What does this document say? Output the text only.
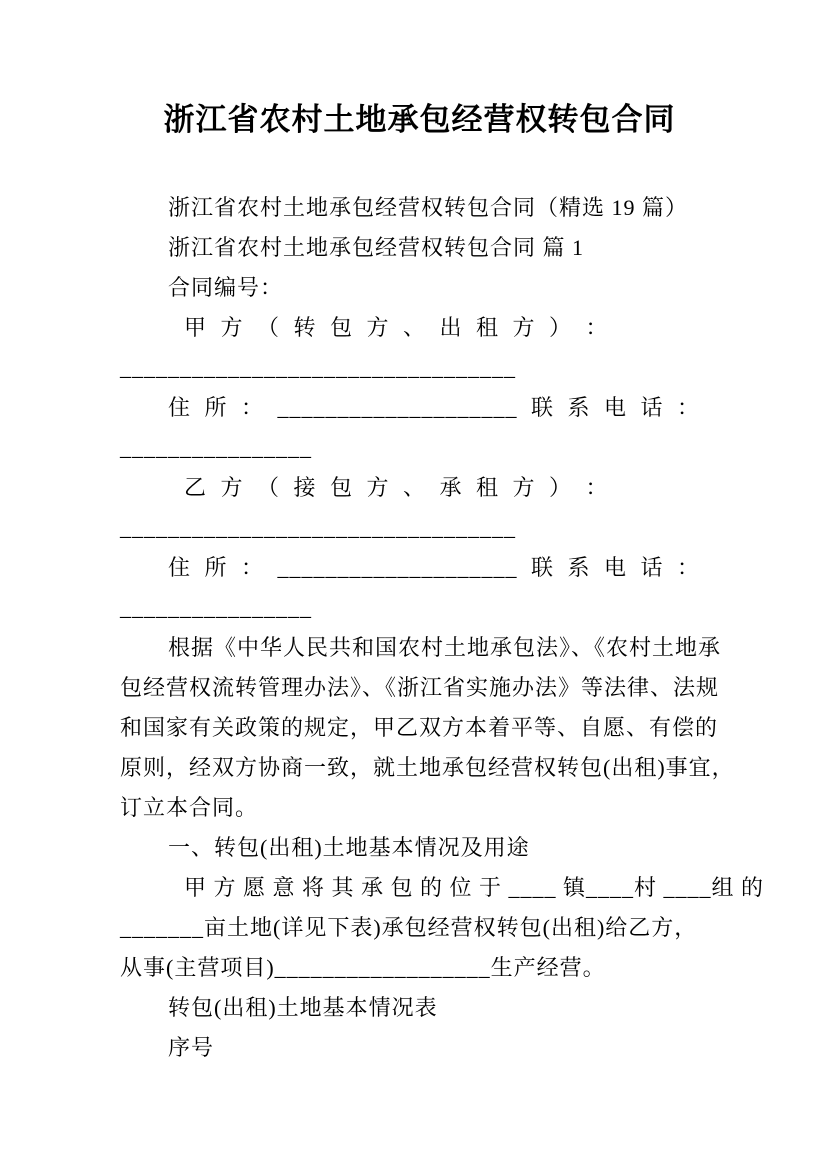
浙江省农村土地承包经营权转包合同
浙江省农村土地承包经营权转包合同（精选 19 篇）
浙江省农村土地承包经营权转包合同 篇 1
合同编号：
甲 方 （ 转 包 方 、 出 租 方 ） ：
_________________________________
住 所 ： ____________________ 联 系 电 话 ：
________________
乙 方 （ 接 包 方 、 承 租 方 ） ：
_________________________________
住 所 ： ____________________ 联 系 电 话 ：
________________
根据《中华人民共和国农村土地承包法》、《农村土地承
包经营权流转管理办法》、《浙江省实施办法》等法律、法规
和国家有关政策的规定，甲乙双方本着平等、自愿、有偿的
原则，经双方协商一致，就土地承包经营权转包(出租)事宜，
订立本合同。
一、转包(出租)土地基本情况及用途
甲 方 愿 意 将 其 承 包 的 位 于 ____ 镇____村 ____组 的
_______亩土地(详见下表)承包经营权转包(出租)给乙方，
从事(主营项目)__________________生产经营。
转包(出租)土地基本情况表
序号
